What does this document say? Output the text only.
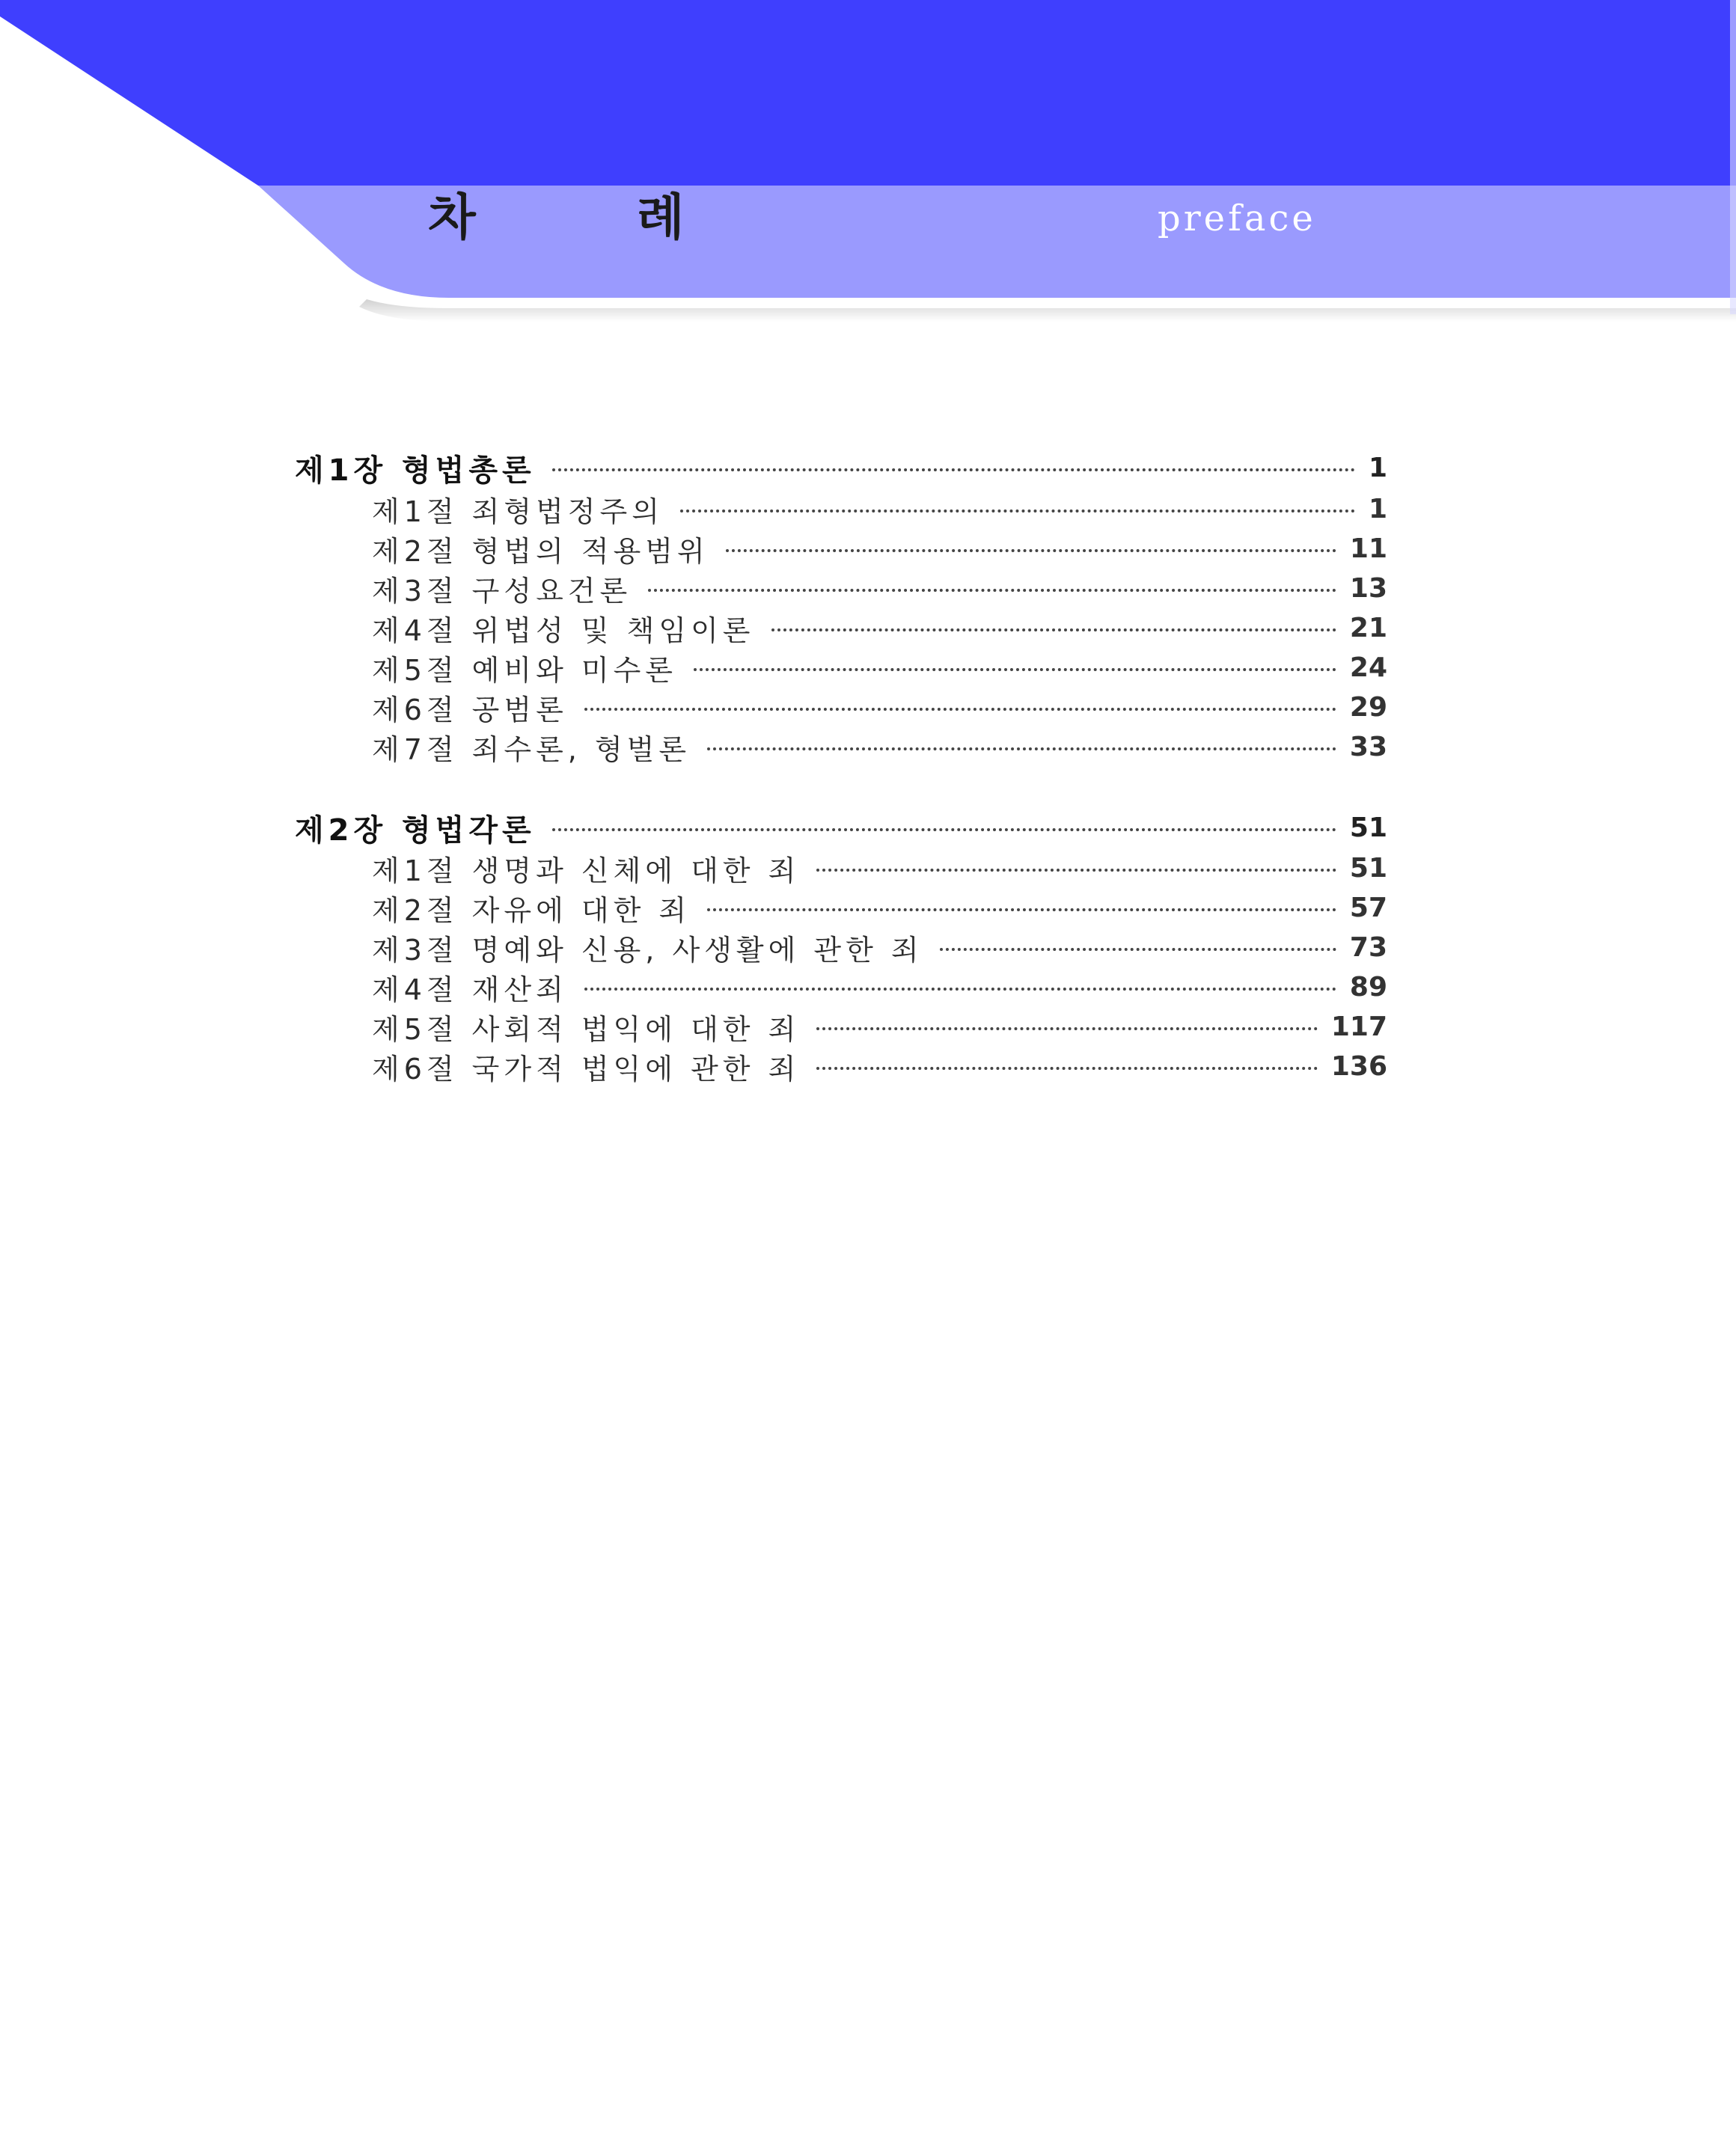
차 례	preface
제1장 형법총론	1
제1절 죄형법정주의	1
제2절 형법의 적용범위	11
제3절 구성요건론	13
제4절 위법성 및 책임이론	21
제5절 예비와 미수론	24
제6절 공범론	29
제7절 죄수론, 형벌론	33
제2장 형법각론	51
제1절 생명과 신체에 대한 죄	51
제2절 자유에 대한 죄	57
제3절 명예와 신용, 사생활에 관한 죄	73
제4절 재산죄	89
제5절 사회적 법익에 대한 죄	117
제6절 국가적 법익에 관한 죄	136
